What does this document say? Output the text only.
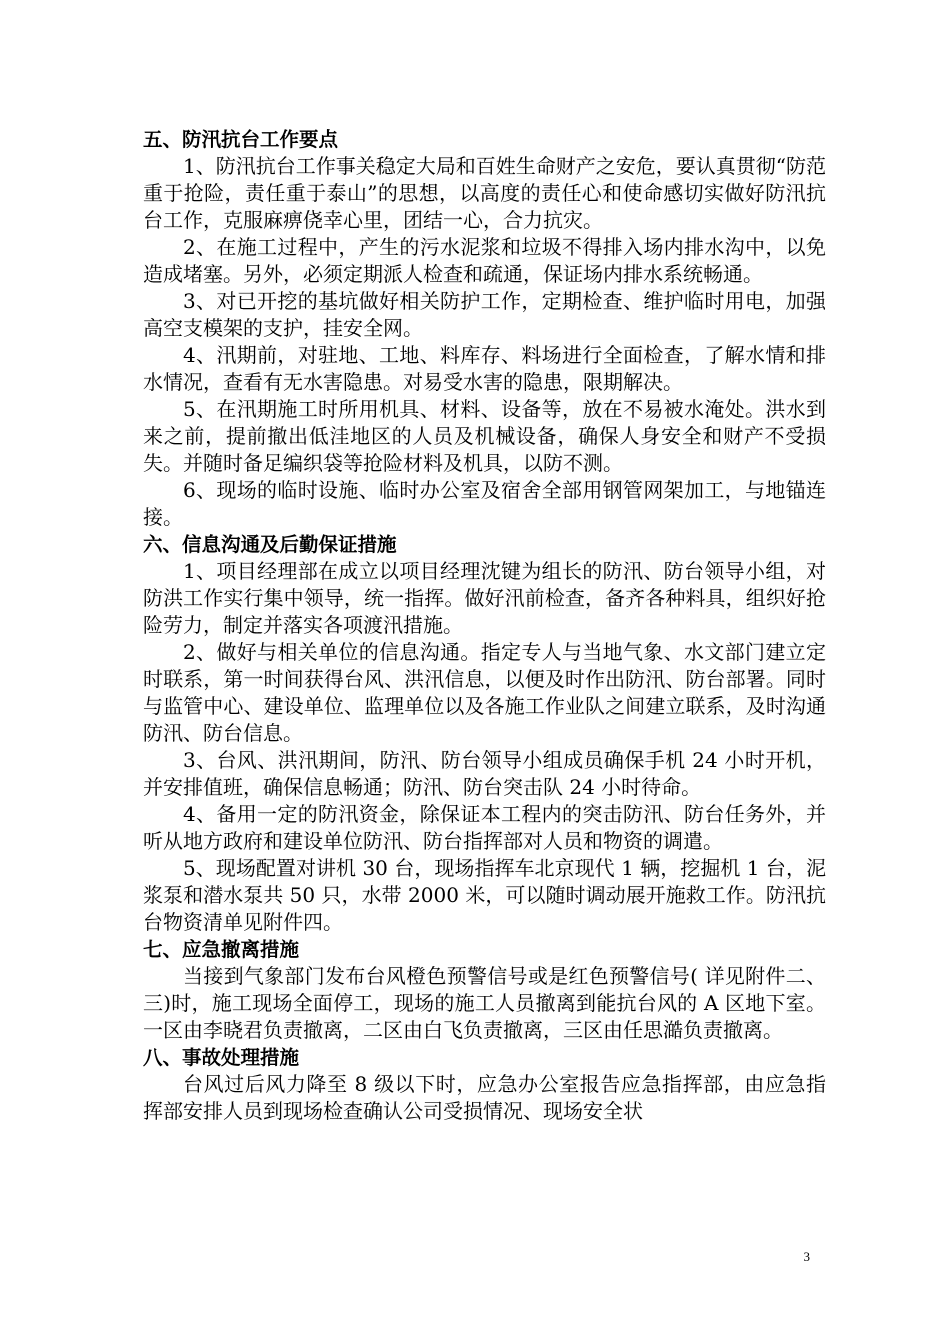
五、防汛抗台工作要点

1、防汛抗台工作事关稳定大局和百姓生命财产之安危，要认真贯彻“防范重于抢险，责任重于泰山”的思想，以高度的责任心和使命感切实做好防汛抗台工作，克服麻痹侥幸心里，团结一心，合力抗灾。

2、在施工过程中，产生的污水泥浆和垃圾不得排入场内排水沟中，以免造成堵塞。另外，必须定期派人检查和疏通，保证场内排水系统畅通。

3、对已开挖的基坑做好相关防护工作，定期检查、维护临时用电，加强高空支模架的支护，挂安全网。

4、汛期前，对驻地、工地、料库存、料场进行全面检查，了解水情和排水情况，查看有无水害隐患。对易受水害的隐患，限期解决。

5、在汛期施工时所用机具、材料、设备等，放在不易被水淹处。洪水到来之前，提前撤出低洼地区的人员及机械设备，确保人身安全和财产不受损失。并随时备足编织袋等抢险材料及机具，以防不测。

6、现场的临时设施、临时办公室及宿舍全部用钢管网架加工，与地锚连接。

六、信息沟通及后勤保证措施

1、项目经理部在成立以项目经理沈键为组长的防汛、防台领导小组，对防洪工作实行集中领导，统一指挥。做好汛前检查，备齐各种料具，组织好抢险劳力，制定并落实各项渡汛措施。

2、做好与相关单位的信息沟通。指定专人与当地气象、水文部门建立定时联系，第一时间获得台风、洪汛信息，以便及时作出防汛、防台部署。同时与监管中心、建设单位、监理单位以及各施工作业队之间建立联系，及时沟通防汛、防台信息。

3、台风、洪汛期间，防汛、防台领导小组成员确保手机 24 小时开机，并安排值班，确保信息畅通；防汛、防台突击队 24 小时待命。

4、备用一定的防汛资金，除保证本工程内的突击防汛、防台任务外，并听从地方政府和建设单位防汛、防台指挥部对人员和物资的调遣。

5、现场配置对讲机 30 台，现场指挥车北京现代 1 辆，挖掘机 1 台，泥浆泵和潜水泵共 50 只，水带 2000 米，可以随时调动展开施救工作。防汛抗台物资清单见附件四。

七、应急撤离措施

当接到气象部门发布台风橙色预警信号或是红色预警信号( 详见附件二、三)时，施工现场全面停工，现场的施工人员撤离到能抗台风的 A 区地下室。一区由李晓君负责撤离，二区由白飞负责撤离，三区由任思澔负责撤离。

八、事故处理措施

台风过后风力降至 8 级以下时，应急办公室报告应急指挥部，由应急指挥部安排人员到现场检查确认公司受损情况、现场安全状

3
